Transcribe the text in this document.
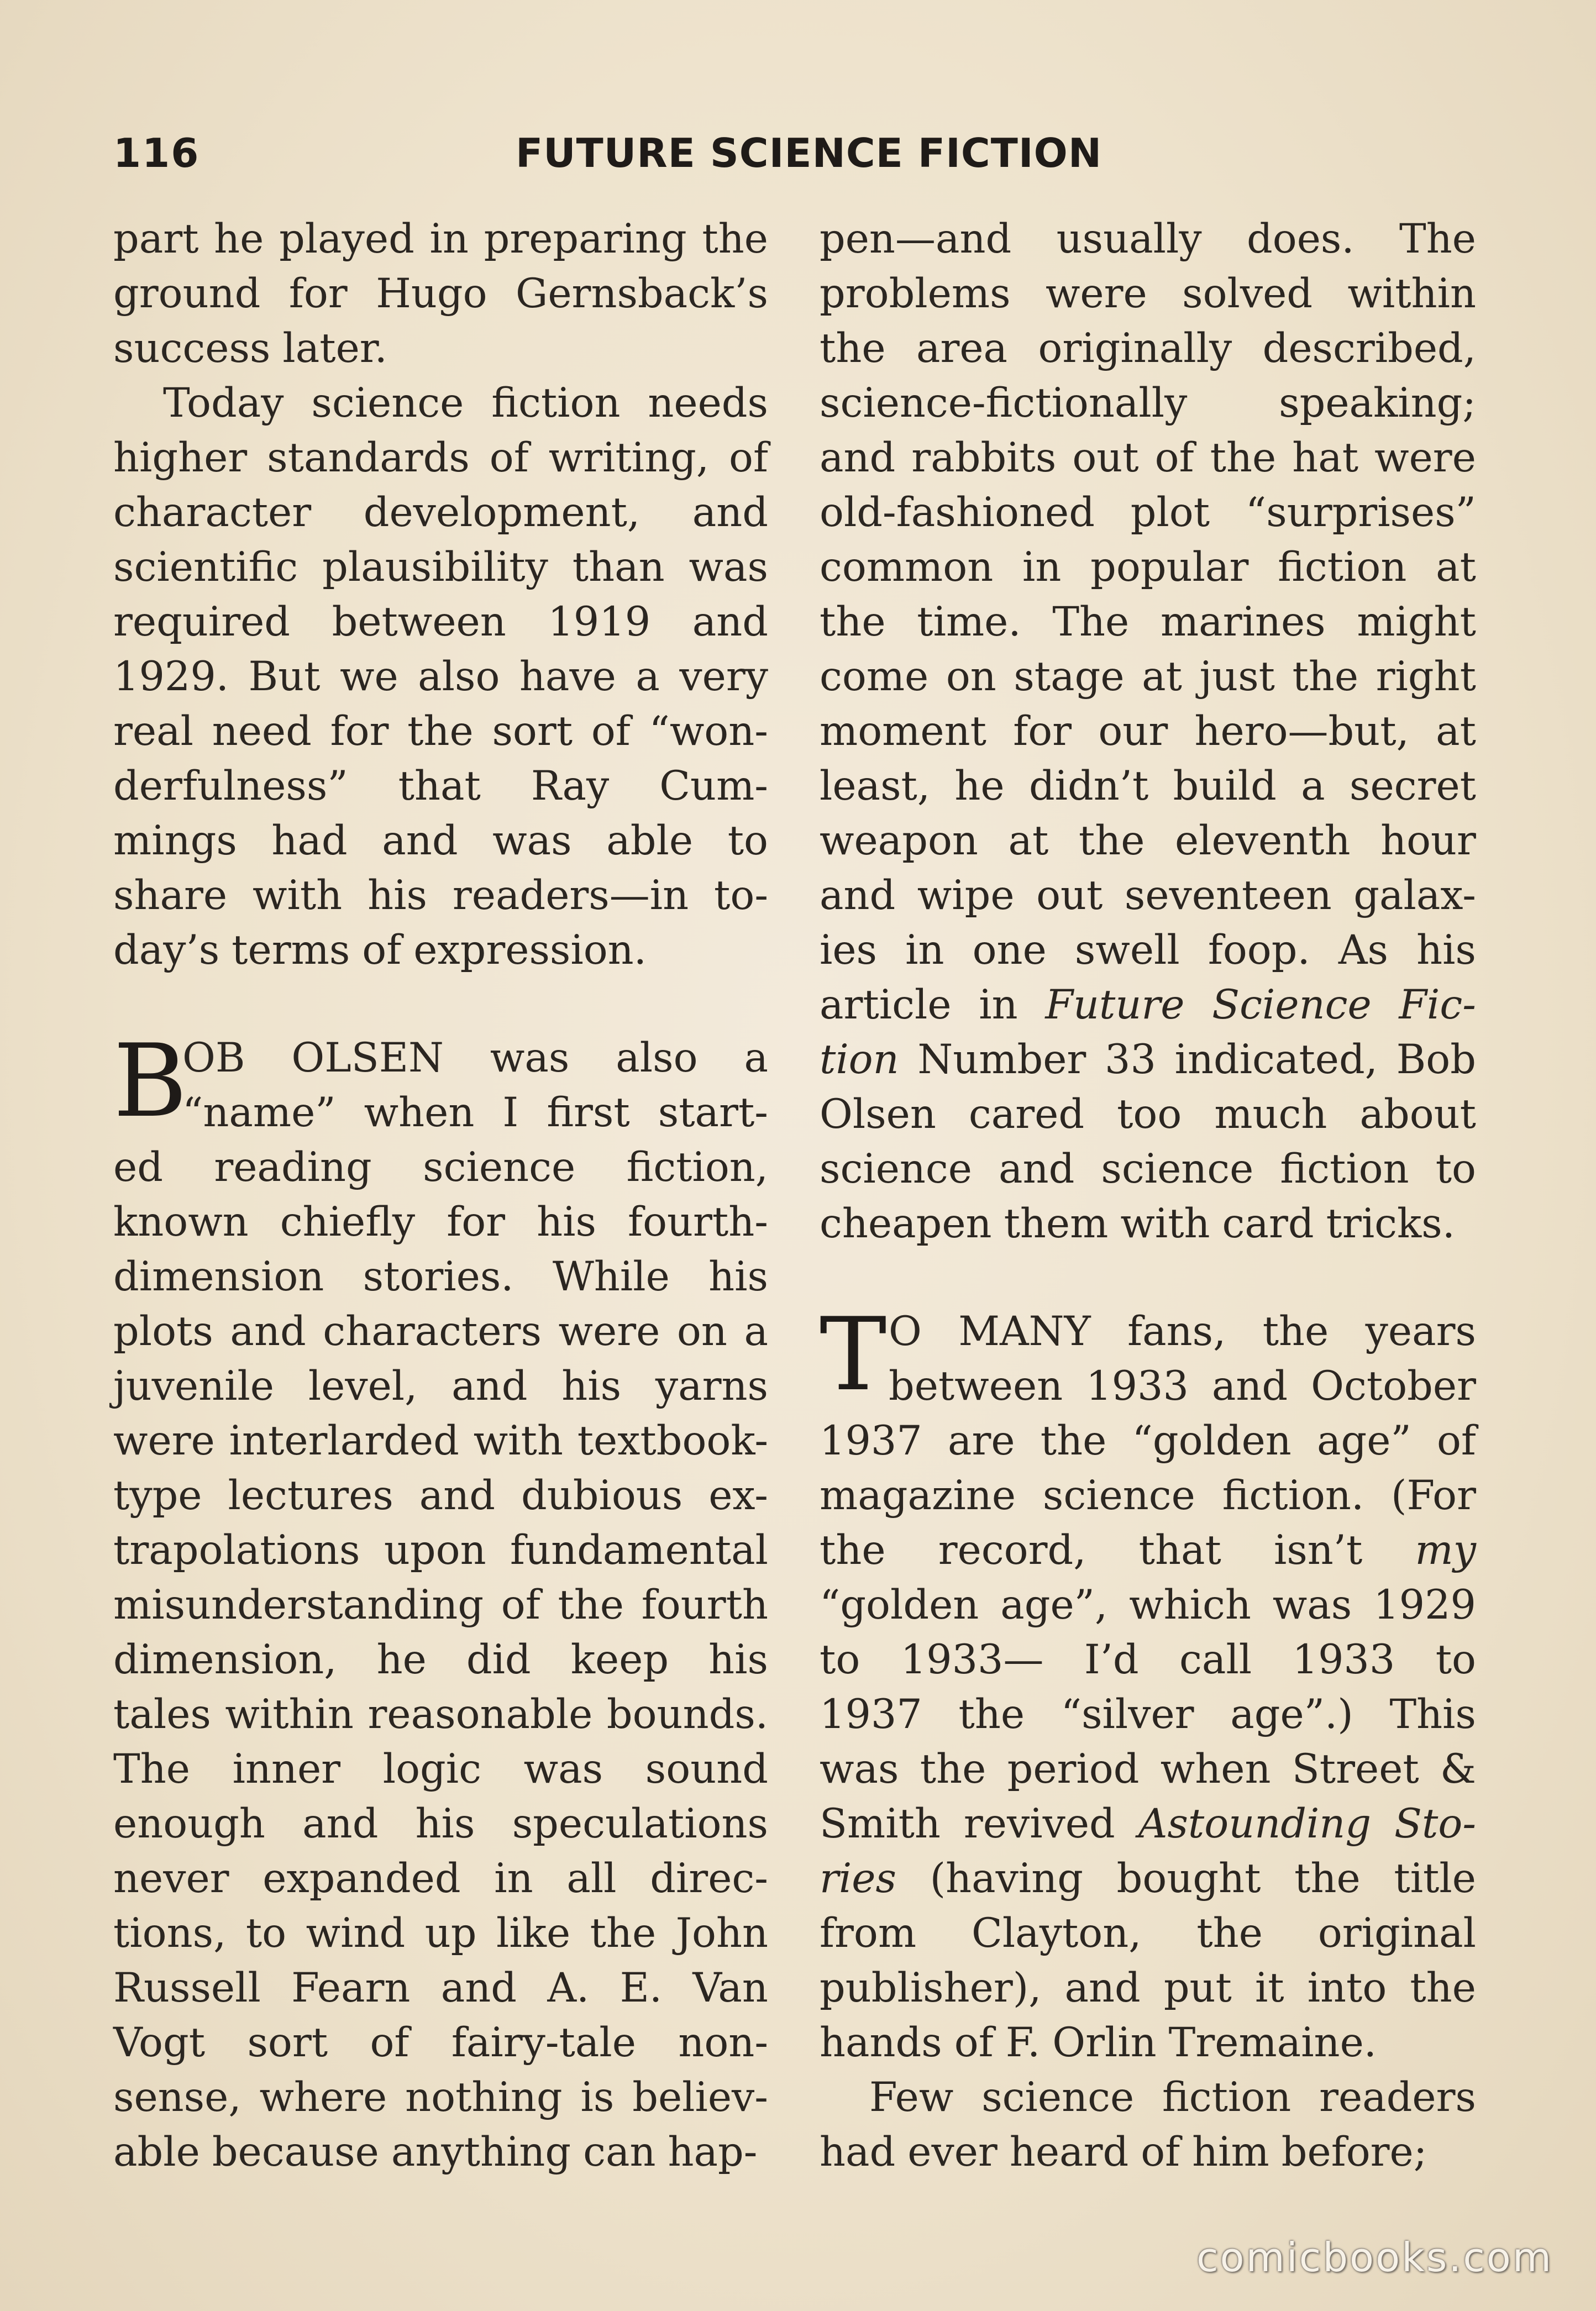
116	FUTURE SCIENCE FICTION
part he played in preparing the
ground for Hugo Gernsback’s
success later.
Today science fiction needs
higher standards of writing, of
character development, and
scientific plausibility than was
required between 1919 and
1929. But we also have a very
real need for the sort of “won-
derfulness” that Ray Cum-
mings had and was able to
share with his readers—in to-
day’s terms of expression.
B
OB OLSEN was also a
“name” when I first start-
ed reading science fiction,
known chiefly for his fourth-
dimension stories. While his
plots and characters were on a
juvenile level, and his yarns
were interlarded with textbook-
type lectures and dubious ex-
trapolations upon fundamental
misunderstanding of the fourth
dimension, he did keep his
tales within reasonable bounds.
The inner logic was sound
enough and his speculations
never expanded in all direc-
tions, to wind up like the John
Russell Fearn and A. E. Van
Vogt sort of fairy-tale non-
sense, where nothing is believ-
able because anything can hap-
pen—and usually does. The
problems were solved within
the area originally described,
science-fictionally speaking;
and rabbits out of the hat were
old-fashioned plot “surprises”
common in popular fiction at
the time. The marines might
come on stage at just the right
moment for our hero—but, at
least, he didn’t build a secret
weapon at the eleventh hour
and wipe out seventeen galax-
ies in one swell foop. As his
article in Future Science Fic-
tion Number 33 indicated, Bob
Olsen cared too much about
science and science fiction to
cheapen them with card tricks.
T O MANY fans, the years
between 1933 and October
1937 are the “golden age” of
magazine science fiction. (For
the record, that isn’t my
“golden age”, which was 1929
to 1933— I’d call 1933 to
1937 the “silver age”.) This
was the period when Street &
Smith revived Astounding Sto-
ries (having bought the title
from Clayton, the original
publisher), and put it into the
hands of F. Orlin Tremaine.
Few science fiction readers
had ever heard of him before;
comicbooks.com
